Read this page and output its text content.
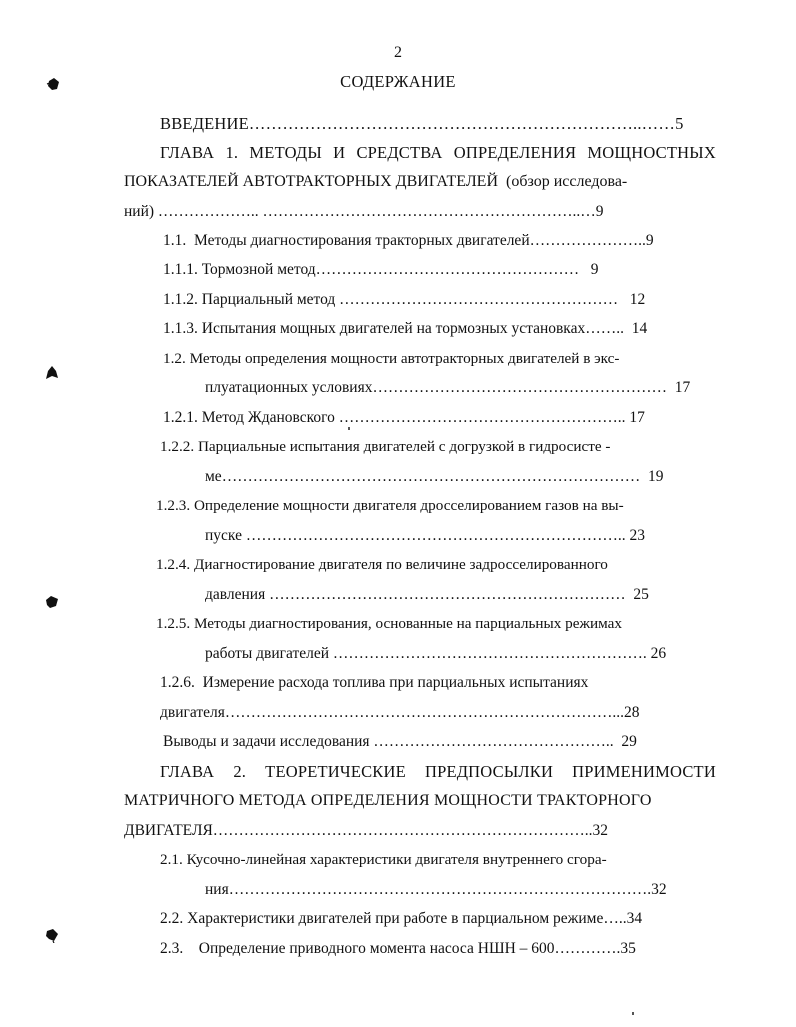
2
СОДЕРЖАНИЕ
ВВЕДЕНИЕ……………………………………………………………..……5
ГЛАВА 1. МЕТОДЫ И СРЕДСТВА ОПРЕДЕЛЕНИЯ МОЩНОСТНЫХ
ПОКАЗАТЕЛЕЙ АВТОТРАКТОРНЫХ ДВИГАТЕЛЕЙ  (обзор исследова-
ний) ……………….. ……………………………………………………..…9
1.1.  Методы диагностирования тракторных двигателей…………………..9
1.1.1. Тормозной метод……………………………………………   9
1.1.2. Парциальный метод ………………………………………………   12
1.1.3. Испытания мощных двигателей на тормозных установках……..  14
1.2. Методы определения мощности автотракторных двигателей в экс-
плуатационных условиях…………………………………………………  17
1.2.1. Метод Ждановского ……………………………………………….. 17
1.2.2. Парциальные испытания двигателей с догрузкой в гидросисте -
ме………………………………………………………………………  19
1.2.3. Определение мощности двигателя дросселированием газов на вы-
пуске ……………………………………………………………….. 23
1.2.4. Диагностирование двигателя по величине задросселированного
давления ……………………………………………………………  25
1.2.5. Методы диагностирования, основанные на парциальных режимах
работы двигателей ……………………………………………………. 26
1.2.6.  Измерение расхода топлива при парциальных испытаниях
двигателя…………………………………………………………………...28
Выводы и задачи исследования ………………………………………..  29
ГЛАВА 2. ТЕОРЕТИЧЕСКИЕ ПРЕДПОСЫЛКИ ПРИМЕНИМОСТИ
МАТРИЧНОГО МЕТОДА ОПРЕДЕЛЕНИЯ МОЩНОСТИ ТРАКТОРНОГО
ДВИГАТЕЛЯ………………………………………………………………..32
2.1. Кусочно-линейная характеристики двигателя внутреннего сгора-
ния……………………………………………………………………….32
2.2. Характеристики двигателей при работе в парциальном режиме…..34
2.3.    Определение приводного момента насоса НШН – 600………….35
